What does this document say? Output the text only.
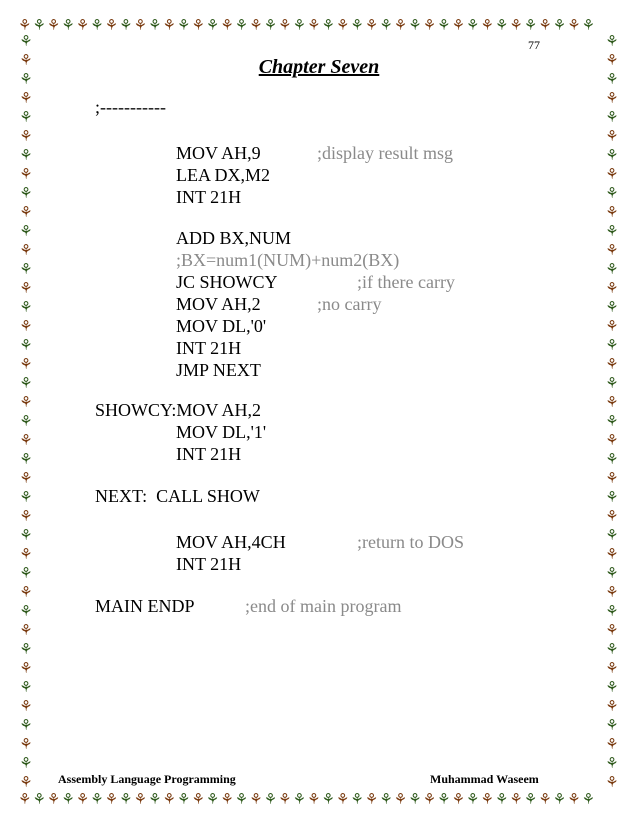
⚘⚘⚘⚘⚘⚘⚘⚘⚘⚘⚘⚘⚘⚘⚘⚘⚘⚘⚘⚘⚘⚘⚘⚘⚘⚘⚘⚘⚘⚘⚘⚘⚘⚘⚘⚘⚘⚘⚘⚘
⚘⚘⚘⚘⚘⚘⚘⚘⚘⚘⚘⚘⚘⚘⚘⚘⚘⚘⚘⚘⚘⚘⚘⚘⚘⚘⚘⚘⚘⚘⚘⚘⚘⚘⚘⚘⚘⚘⚘⚘
⚘
⚘
⚘
⚘
⚘
⚘
⚘
⚘
⚘
⚘
⚘
⚘
⚘
⚘
⚘
⚘
⚘
⚘
⚘
⚘
⚘
⚘
⚘
⚘
⚘
⚘
⚘
⚘
⚘
⚘
⚘
⚘
⚘
⚘
⚘
⚘
⚘
⚘
⚘
⚘
⚘
⚘
⚘
⚘
⚘
⚘
⚘
⚘
⚘
⚘
⚘
⚘
⚘
⚘
⚘
⚘
⚘
⚘
⚘
⚘
⚘
⚘
⚘
⚘
⚘
⚘
⚘
⚘
⚘
⚘
⚘
⚘
⚘
⚘
⚘
⚘
⚘
⚘
⚘
⚘
77
Chapter Seven
;-----------
MOV AH,9	;display result msg
LEA DX,M2
INT 21H
ADD BX,NUM
;BX=num1(NUM)+num2(BX)
JC SHOWCY	;if there carry
MOV AH,2	;no carry
MOV DL,'0'
INT 21H
JMP NEXT
SHOWCY:MOV AH,2
MOV DL,'1'
INT 21H
NEXT:  CALL SHOW
MOV AH,4CH	;return to DOS
INT 21H
MAIN ENDP	;end of main program
Assembly Language Programming	Muhammad Waseem
